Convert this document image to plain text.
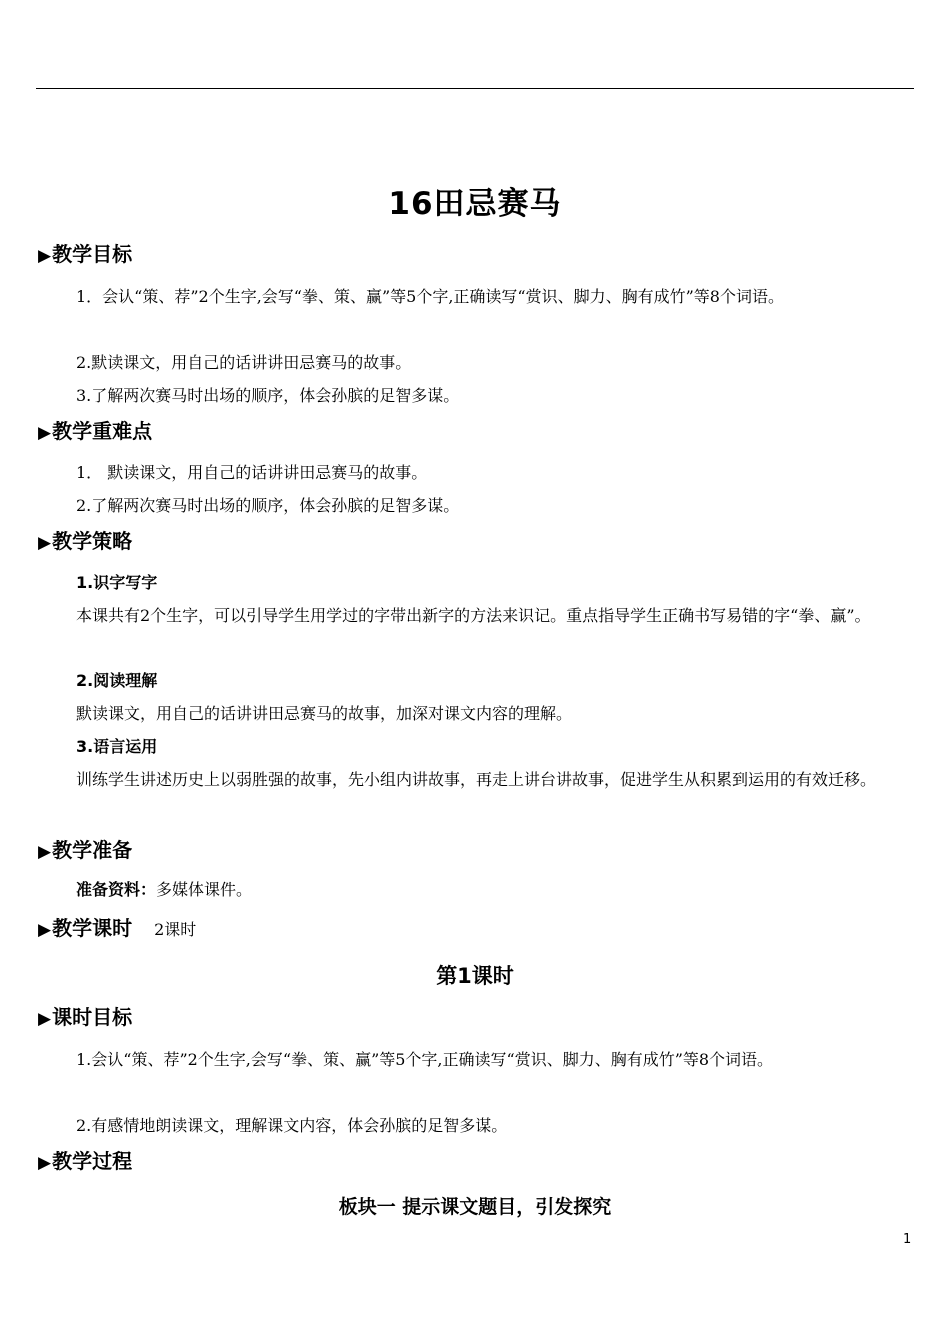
16田忌赛马
▶教学目标
1．会认“策、荐”2个生字,会写“拳、策、赢”等5个字,正确读写“赏识、脚力、胸有成竹”等8个词语。
2.默读课文，用自己的话讲讲田忌赛马的故事。
3.了解两次赛马时出场的顺序，体会孙膑的足智多谋。
▶教学重难点
1． 默读课文，用自己的话讲讲田忌赛马的故事。
2.了解两次赛马时出场的顺序，体会孙膑的足智多谋。
▶教学策略
1.识字写字
本课共有2个生字，可以引导学生用学过的字带出新字的方法来识记。重点指导学生正确书写易错的字“拳、赢”。
2.阅读理解
默读课文，用自己的话讲讲田忌赛马的故事，加深对课文内容的理解。
3.语言运用
训练学生讲述历史上以弱胜强的故事，先小组内讲故事，再走上讲台讲故事，促进学生从积累到运用的有效迁移。
▶教学准备
准备资料：多媒体课件。
▶教学课时 2课时
第1课时
▶课时目标
1.会认“策、荐”2个生字,会写“拳、策、赢”等5个字,正确读写“赏识、脚力、胸有成竹”等8个词语。
2.有感情地朗读课文，理解课文内容，体会孙膑的足智多谋。
▶教学过程
板块一 提示课文题目，引发探究
1
